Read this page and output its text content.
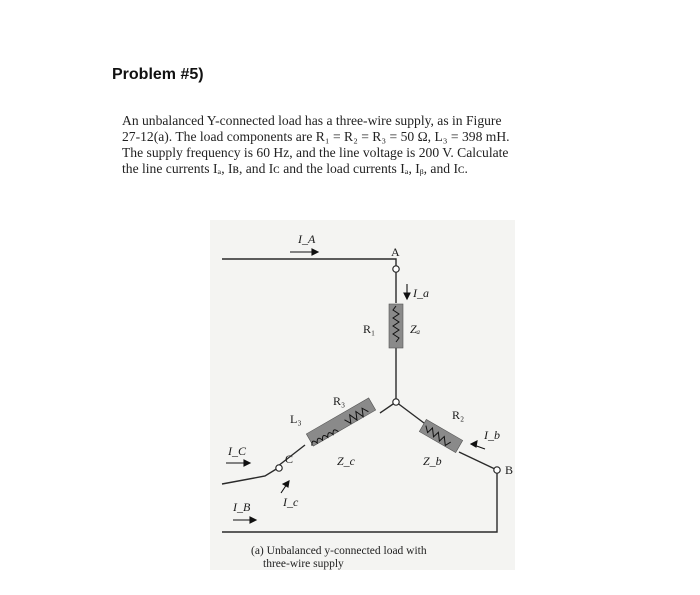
Problem #5)
An unbalanced Y-connected load has a three-wire supply, as in Figure
27-12(a). The load components are R₁ = R₂ = R₃ = 50 Ω, L₃ = 398 mH.
The supply frequency is 60 Hz, and the line voltage is 200 V. Calculate
the line currents Iₐ, Iʙ, and Iᴄ and the load currents Iₐ, Iᵦ, and Iᴄ.
I_A
A
I_a
R₁	Zₐ
R₃
L₃	R₂
I_b
Z_b
Z_c
I_C
C
B
I_c
I_B
(a) Unbalanced y-connected load with
three-wire supply
